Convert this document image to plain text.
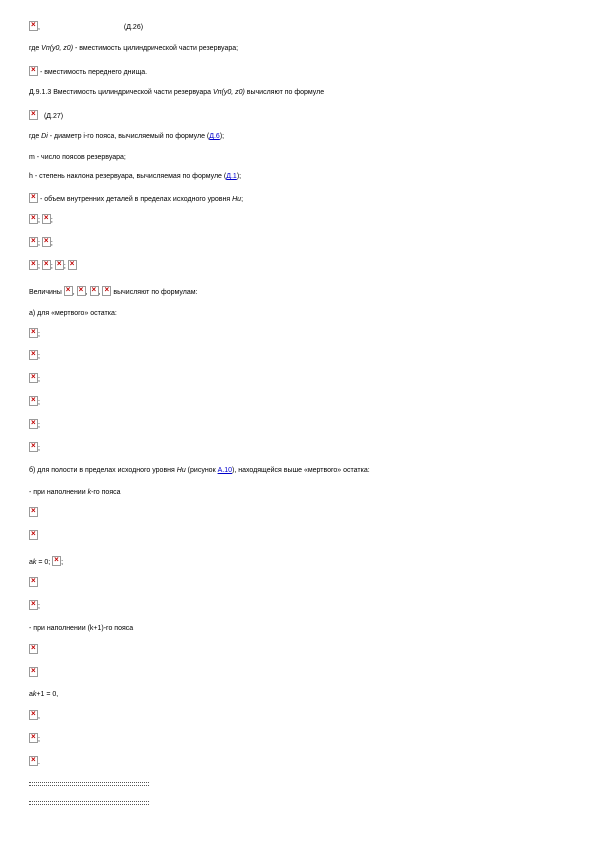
×,	(Д.26)
где Vп(у0, z0) - вместимость цилиндрической части резервуара;
× - вместимость переднего днища.
Д.9.1.3 Вместимость цилиндрической части резервуара Vп(у0, z0) вычисляют по формуле
× (Д.27)
где Di - диаметр i-го пояса, вычисляемый по формуле (Д.6);
m - число поясов резервуара;
h - степень наклона резервуара, вычисляемая по формуле (Д.1);
× - объем внутренних деталей в пределах исходного уровня Hи;
×; × ;
×; × ;
×; × ; × ; ×
Величины ×, × , × , × вычисляют по формулам:
а) для «мертвого» остатка:
×;
×;
×;
×;
×;
×;
б) для полости в пределах исходного уровня Hи (рисунок А.10), находящейся выше «мертвого» остатка:
- при наполнении k-го пояса
×
×
аk = 0; ×;
×
×;
- при наполнении (k+1)-го пояса
×
×
аk+1 = 0,
×,
×;
×.
